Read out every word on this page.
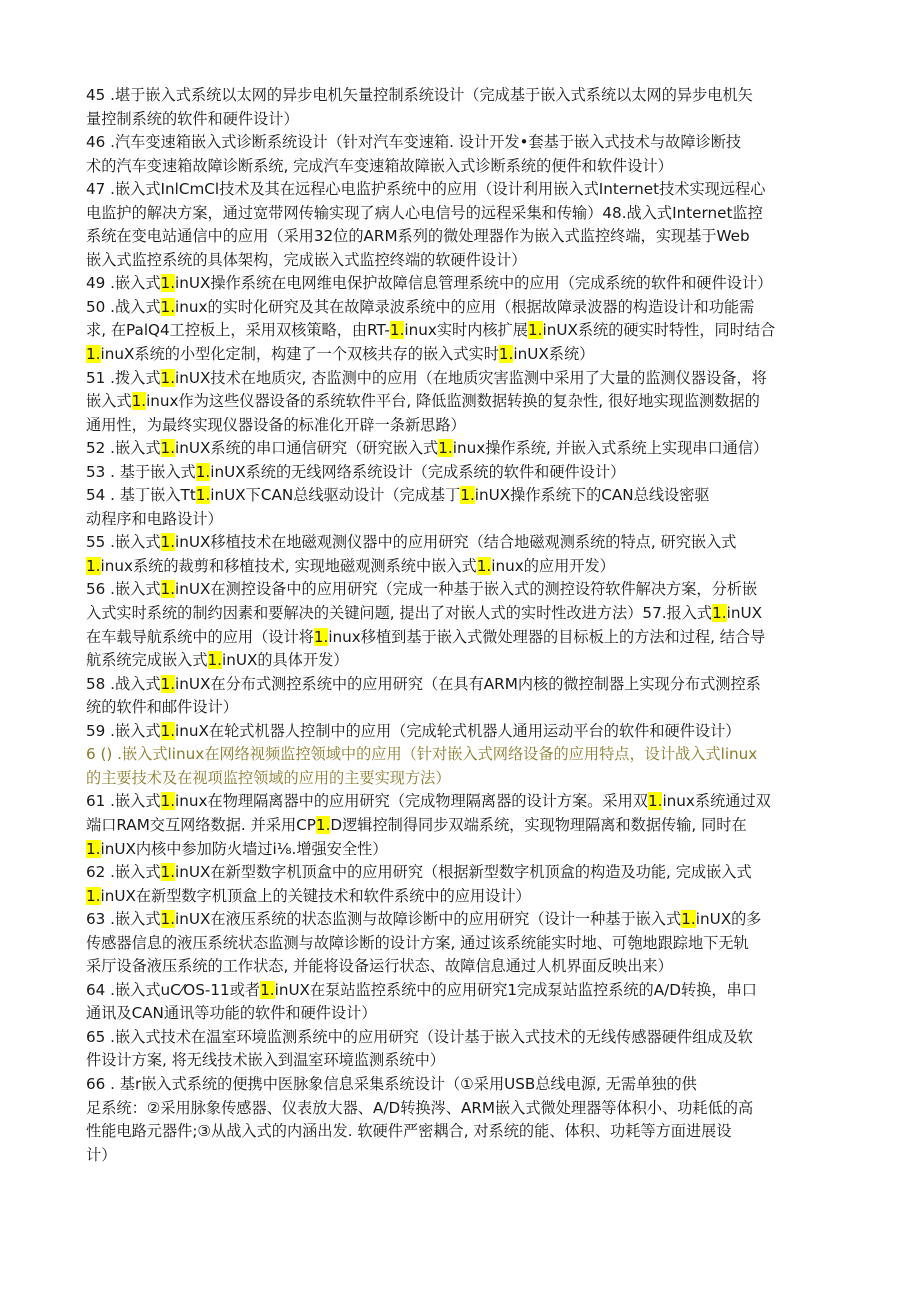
45 .堪于嵌入式系统以太网的异步电机矢量控制系统设计（完成基于嵌入式系统以太网的异步电机矢
量控制系统的软件和硬件设计）

46 .汽车变速箱嵌入式诊断系统设计（针对汽车变速箱. 设计开发•套基于嵌入式技术与故障诊断技
术的汽车变速箱故障诊断系统, 完成汽车变速箱故障嵌入式诊断系统的便件和软件设计）

47 .嵌入式InlCmCl技术及其在远程心电监护系统中的应用（设计利用嵌入式Internet技术实现远程心
电监护的解决方案，通过宽带网传输实现了病人心电信号的远程采集和传输）48.战入式Internet监控
系统在变电站通信中的应用（采用32位的ARM系列的微处理器作为嵌入式监控终端，实现基于Web
嵌入式监控系统的具体架构，完成嵌入式监控终端的软硬件设计）

49 .嵌入式1.inUX操作系统在电网维电保护故障信息管理系统中的应用（完成系统的软件和硬件设计）

50 .战入式1.inux的实时化研究及其在故障录波系统中的应用（根据故障录波器的构造设计和功能需
求, 在PalQ4工控板上，采用双核策略，由RT-1.inux实时内核扩展1.inUX系统的硬实时特性，同时结合
1.inuX系统的小型化定制，构建了一个双核共存的嵌入式实时1.inUX系统）

51 .拨入式1.inUX技术在地质灾, 杏监测中的应用（在地质灾害监测中采用了大量的监测仪器设备，将
嵌入式1.inux作为这些仪器设备的系统软件平台, 降低监测数据转换的复杂性, 很好地实现监测数据的
通用性，为最终实现仪器设备的标准化开辟一条新思路）

52 .嵌入式1.inUX系统的串口通信研究（研究嵌入式1.inux操作系统, 并嵌入式系统上实现串口通信）

53 . 基于嵌入式1.inUX系统的无线网络系统设计（完成系统的软件和硬件设计）

54 . 基丁嵌入Tt1.inUX下CAN总线驱动设计（完成基丁1.inUX操作系统下的CAN总线设密驱
动程序和电路设计）

55 .嵌入式1.inUX移植技术在地磁观测仪器中的应用研究（结合地磁观测系统的特点, 研究嵌入式
1.inux系统的裁剪和移植技术, 实现地磁观测系统中嵌入式1.inux的应用开发）

56 .嵌入式1.inUX在测控设备中的应用研究（完成一种基于嵌入式的测控设符软件解决方案，分析嵌
入式实时系统的制约因素和要解决的关键问题, 提出了对嵌人式的实时性改进方法）57.报入式1.inUX
在车载导航系统中的应用（设计将1.inux移植到基于嵌入式微处理器的目标板上的方法和过程, 结合导
航系统完成嵌入式1.inUX的具体开发）

58 .战入式1.inUX在分布式测控系统中的应用研究（在具有ARM内核的微控制器上实现分布式测控系
统的软件和邮件设计）

59 .嵌入式1.inuX在轮式机器人控制中的应用（完成轮式机器人通用运动平台的软件和硬件设计）

6 () .嵌入式linux在网络视频监控领域中的应用（针对嵌入式网络设备的应用特点，设计战入式linux
的主要技术及在视项监控领域的应用的主要实现方法）

61 .嵌入式1.inux在物理隔离器中的应用研究（完成物理隔离器的设计方案。采用双1.inux系统通过双
端口RAM交互网络数据. 并采用CP1.D逻辑控制得同步双端系统，实现物理隔离和数据传输, 同时在
1.inUX内核中参加防火墙过i⅛.增强安全性）

62 .嵌入式1.inUX在新型数字机顶盒中的应用研究（根据新型数字机顶盒的构造及功能, 完成嵌入式
1.inUX在新型数字机顶盒上的关键技术和软件系统中的应用设计）

63 .嵌入式1.inUX在液压系统的状态监测与故障诊断中的应用研究（设计一种基于嵌入式1.inUX的多
传感器信息的液压系统状态监测与故障诊断的设计方案, 通过该系统能实时地、可匏地跟踪地下无轨
采厅设备液压系统的工作状态, 并能将设备运行状态、故障信息通过人机界面反映出来）

64 .嵌入式uC⁄OS-11或者1.inUX在泵站监控系统中的应用研究1完成泵站监控系统的A/D转换，串口
通讯及CAN通讯等功能的软件和硬件设计）

65 .嵌入式技术在温室环境监测系统中的应用研究（设计基于嵌入式技术的无线传感器硬件组成及软
件设计方案, 将无线技术嵌入到温室环境监测系统中）

66 . 基r嵌入式系统的便携中医脉象信息采集系统设计（①采用USB总线电源, 无需单独的供
足系统：②采用脉象传感器、仪表放大器、A/D转换涔、ARM嵌入式微处理器等体积小、功耗低的高
性能电路元器件;③从战入式的内涵出发. 软硬件严密耦合, 对系统的能、体积、功耗等方面进展设
计）
